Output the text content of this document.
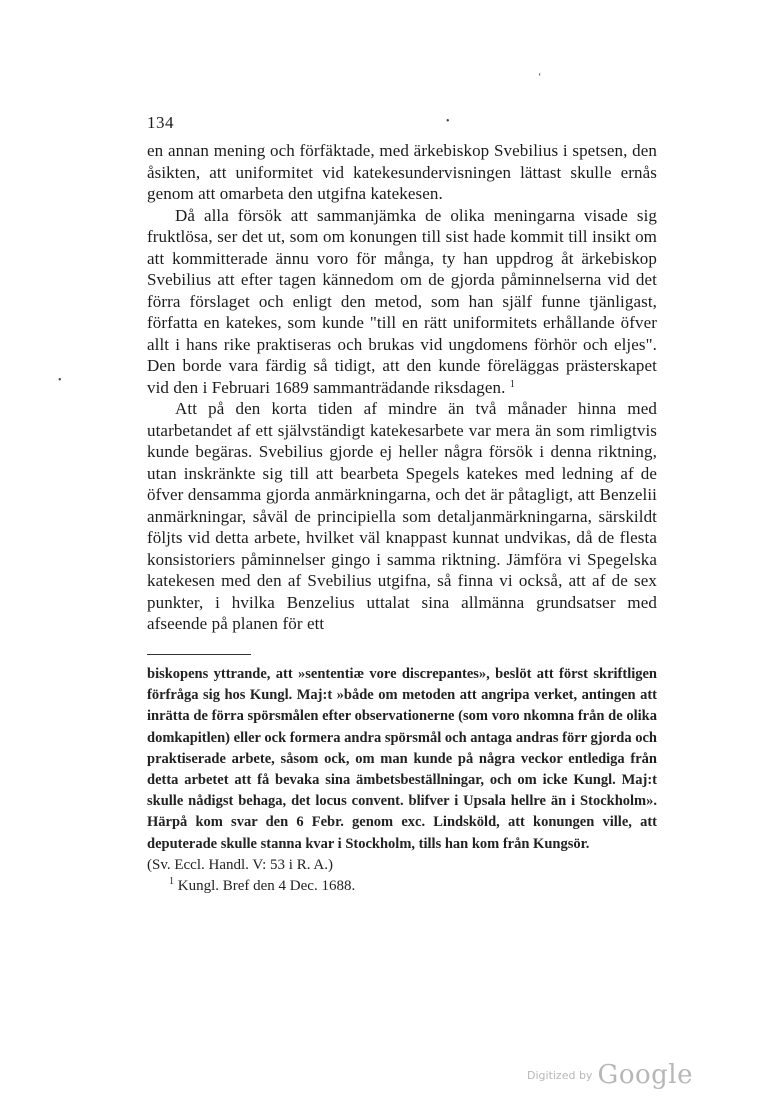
134
ʻ
•
•

en annan mening och förfäktade, med ärkebiskop Svebilius i spetsen, den åsikten, att uniformitet vid katekesundervisningen lättast skulle ernås genom att omarbeta den utgifna katekesen.

Då alla försök att sammanjämka de olika meningarna visade sig fruktlösa, ser det ut, som om konungen till sist hade kommit till insikt om att kommitterade ännu voro för många, ty han uppdrog åt ärkebiskop Svebilius att efter tagen kännedom om de gjorda påminnelserna vid det förra förslaget och enligt den metod, som han själf funne tjänligast, författa en katekes, som kunde "till en rätt uniformitets erhållande öfver allt i hans rike praktiseras och brukas vid ungdomens förhör och eljes". Den borde vara färdig så tidigt, att den kunde föreläggas prästerskapet vid den i Februari 1689 sammanträdande riksdagen. $^1$

Att på den korta tiden af mindre än två månader hinna med utarbetandet af ett självständigt katekesarbete var mera än som rimligtvis kunde begäras. Svebilius gjorde ej heller några försök i denna riktning, utan inskränkte sig till att bearbeta Spegels katekes med ledning af de öfver densamma gjorda anmärkningarna, och det är påtagligt, att Benzelii anmärkningar, såväl de principiella som detaljanmärkningarna, särskildt följts vid detta arbete, hvilket väl knappast kunnat undvikas, då de flesta konsistoriers påminnelser gingo i samma riktning. Jämföra vi Spegelska katekesen med den af Svebilius utgifna, så finna vi också, att af de sex punkter, i hvilka Benzelius uttalat sina allmänna grundsatser med afseende på planen för ett

biskopens yttrande, att »sententiæ vore discrepantes», beslöt att först skriftligen förfråga sig hos Kungl. Maj:t »både om metoden att angripa verket, antingen att inrätta de förra spörsmålen efter observationerne (som voro nkomna från de olika domkapitlen) eller ock formera andra spörsmål och antaga andras förr gjorda och praktiserade arbete, såsom ock, om man kunde på några veckor entlediga från detta arbetet att få bevaka sina ämbetsbeställningar, och om icke Kungl. Maj:t skulle nådigst behaga, det locus convent. blifver i Upsala hellre än i Stockholm». Härpå kom svar den 6 Febr. genom exc. Lindsköld, att konungen ville, att deputerade skulle stanna kvar i Stockholm, tills han kom från Kungsör.

(Sv. Eccl. Handl. V: 53 i R. A.)

$^1$ Kungl. Bref den 4 Dec. 1688.

$^{Digitized by}$ Google
